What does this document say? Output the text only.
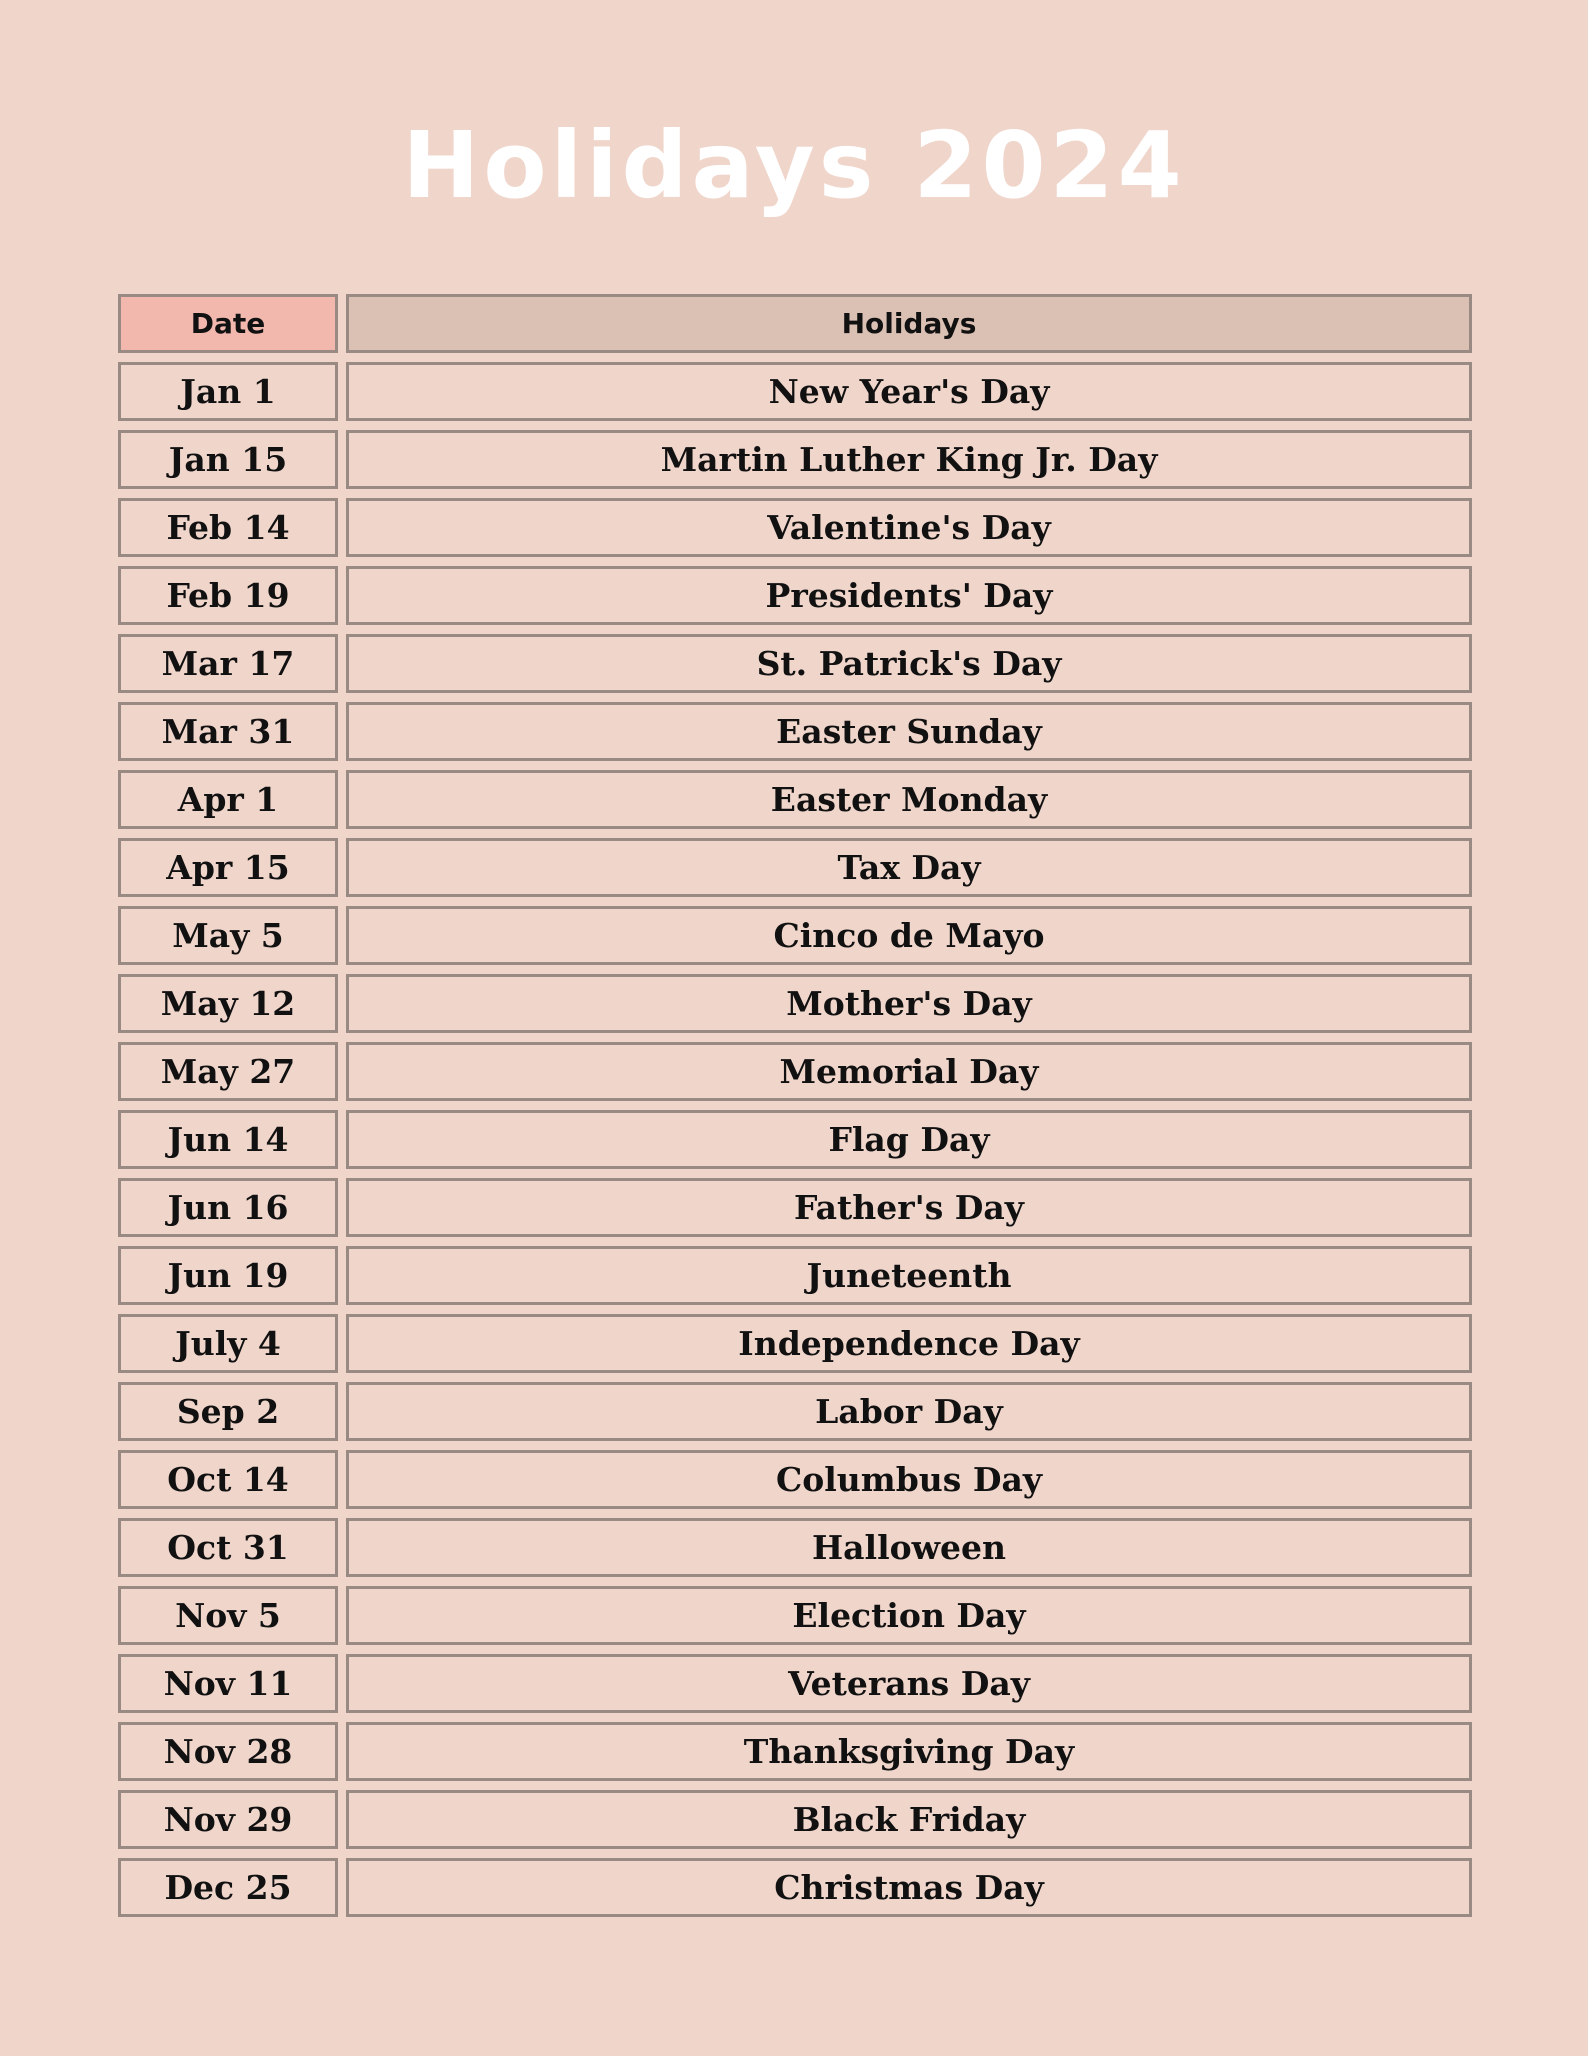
Holidays 2024
Date	Holidays
Jan 1	New Year's Day
Jan 15	Martin Luther King Jr. Day
Feb 14	Valentine's Day
Feb 19	Presidents' Day
Mar 17	St. Patrick's Day
Mar 31	Easter Sunday
Apr 1	Easter Monday
Apr 15	Tax Day
May 5	Cinco de Mayo
May 12	Mother's Day
May 27	Memorial Day
Jun 14	Flag Day
Jun 16	Father's Day
Jun 19	Juneteenth
July 4	Independence Day
Sep 2	Labor Day
Oct 14	Columbus Day
Oct 31	Halloween
Nov 5	Election Day
Nov 11	Veterans Day
Nov 28	Thanksgiving Day
Nov 29	Black Friday
Dec 25	Christmas Day
